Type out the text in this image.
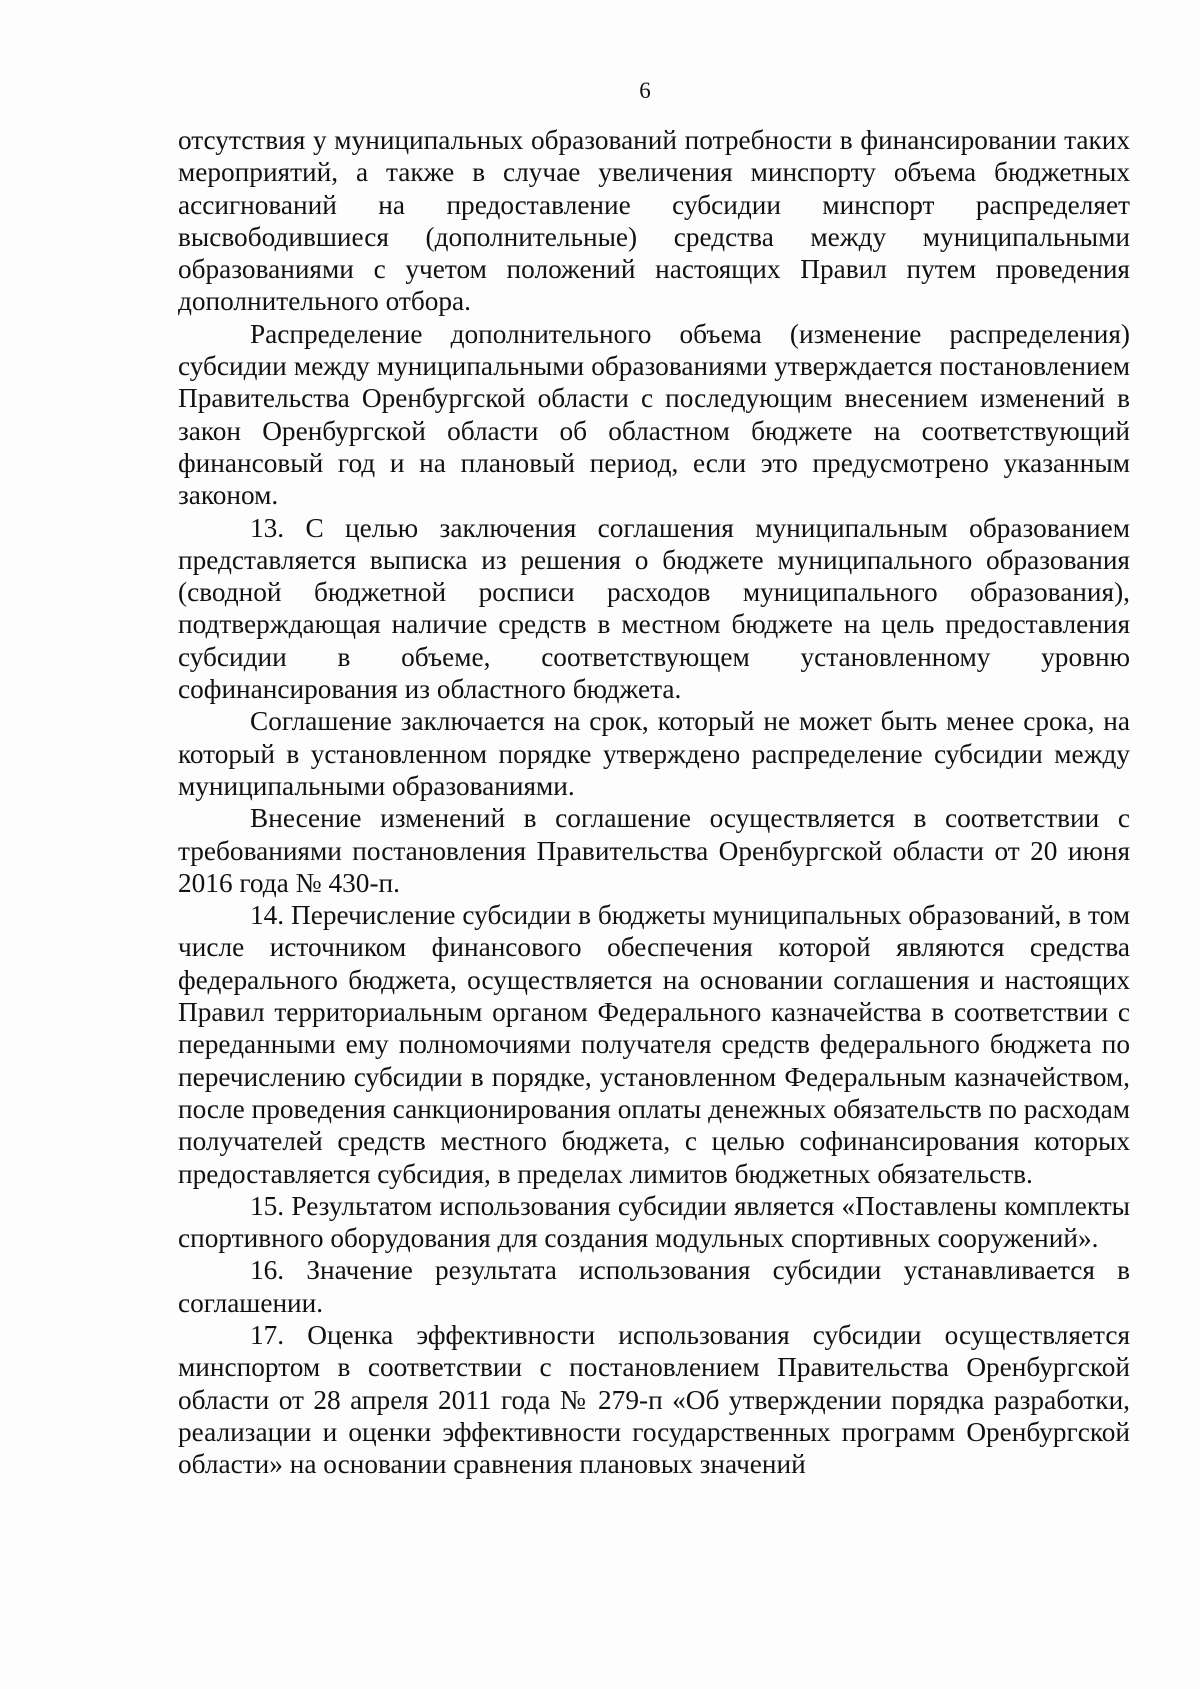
6

отсутствия у муниципальных образований потребности в финансировании таких мероприятий, а также в случае увеличения минспорту объема бюджетных ассигнований на предоставление субсидии минспорт распределяет высвободившиеся (дополнительные) средства между муниципальными образованиями с учетом положений настоящих Правил путем проведения дополнительного отбора.

Распределение дополнительного объема (изменение распределения) субсидии между муниципальными образованиями утверждается постановлением Правительства Оренбургской области с последующим внесением изменений в закон Оренбургской области об областном бюджете на соответствующий финансовый год и на плановый период, если это предусмотрено указанным законом.

13. С целью заключения соглашения муниципальным образованием представляется выписка из решения о бюджете муниципального образования (сводной бюджетной росписи расходов муниципального образования), подтверждающая наличие средств в местном бюджете на цель предоставления субсидии в объеме, соответствующем установленному уровню софинансирования из областного бюджета.

Соглашение заключается на срок, который не может быть менее срока, на который в установленном порядке утверждено распределение субсидии между муниципальными образованиями.

Внесение изменений в соглашение осуществляется в соответствии с требованиями постановления Правительства Оренбургской области от 20 июня 2016 года № 430-п.

14. Перечисление субсидии в бюджеты муниципальных образований, в том числе источником финансового обеспечения которой являются средства федерального бюджета, осуществляется на основании соглашения и настоящих Правил территориальным органом Федерального казначейства в соответствии с переданными ему полномочиями получателя средств федерального бюджета по перечислению субсидии в порядке, установленном Федеральным казначейством, после проведения санкционирования оплаты денежных обязательств по расходам получателей средств местного бюджета, с целью софинансирования которых предоставляется субсидия, в пределах лимитов бюджетных обязательств.

15. Результатом использования субсидии является «Поставлены комплекты спортивного оборудования для создания модульных спортивных сооружений».

16. Значение результата использования субсидии устанавливается в соглашении.

17. Оценка эффективности использования субсидии осуществляется минспортом в соответствии с постановлением Правительства Оренбургской области от 28 апреля 2011 года № 279-п «Об утверждении порядка разработки, реализации и оценки эффективности государственных программ Оренбургской области» на основании сравнения плановых значений
